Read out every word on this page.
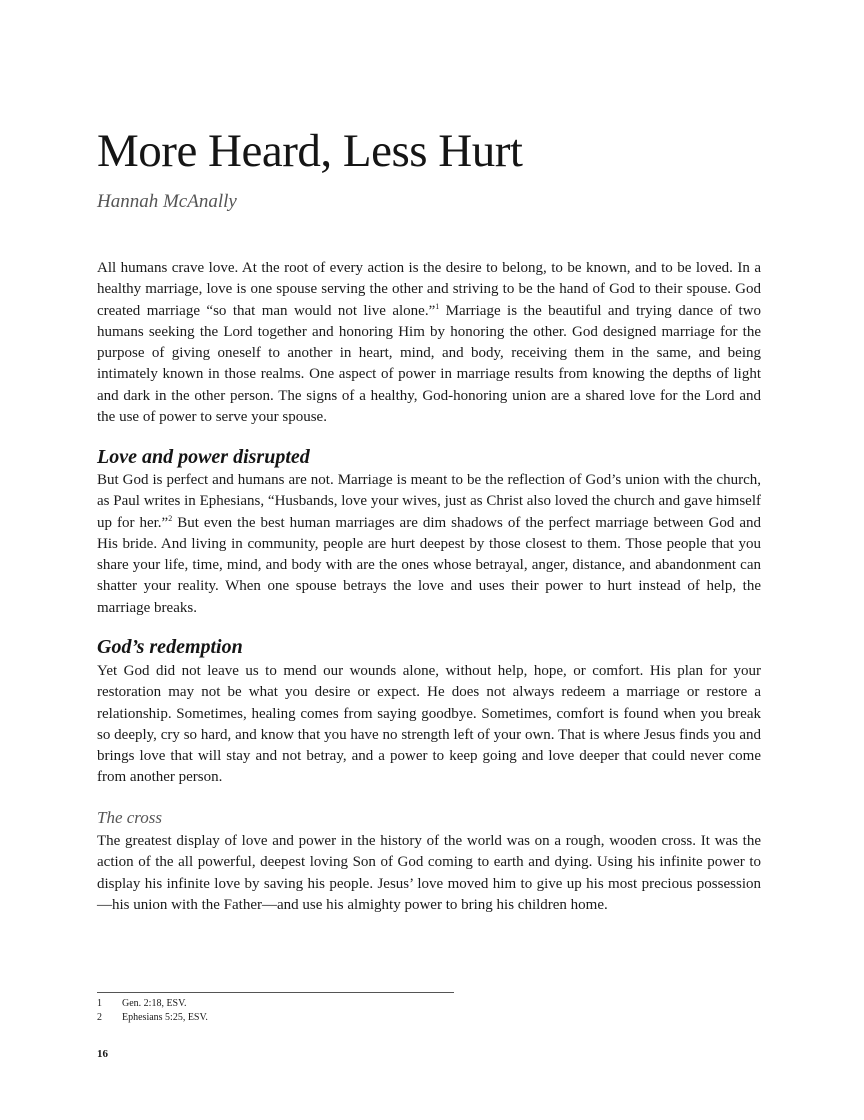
More Heard, Less Hurt

Hannah McAnally

All humans crave love. At the root of every action is the desire to belong, to be known, and to be loved. In a healthy marriage, love is one spouse serving the other and striving to be the hand of God to their spouse. God created marriage “so that man would not live alone.”$^1$ Marriage is the beautiful and trying dance of two humans seeking the Lord together and honoring Him by honoring the other. God designed marriage for the purpose of giving oneself to another in heart, mind, and body, receiving them in the same, and being intimately known in those realms. One aspect of power in marriage results from knowing the depths of light and dark in the other person. The signs of a healthy, God-honoring union are a shared love for the Lord and the use of power to serve your spouse.

Love and power disrupted

But God is perfect and humans are not. Marriage is meant to be the reflection of God’s union with the church, as Paul writes in Ephesians, “Husbands, love your wives, just as Christ also loved the church and gave himself up for her.”$^2$ But even the best human marriages are dim shadows of the perfect marriage between God and His bride. And living in community, people are hurt deepest by those closest to them. Those people that you share your life, time, mind, and body with are the ones whose betrayal, anger, distance, and abandonment can shatter your reality. When one spouse betrays the love and uses their power to hurt instead of help, the marriage breaks.

God’s redemption

Yet God did not leave us to mend our wounds alone, without help, hope, or comfort. His plan for your restoration may not be what you desire or expect. He does not always redeem a marriage or restore a relationship. Sometimes, healing comes from saying goodbye. Sometimes, comfort is found when you break so deeply, cry so hard, and know that you have no strength left of your own. That is where Jesus finds you and brings love that will stay and not betray, and a power to keep going and love deeper that could never come from another person.

The cross

The greatest display of love and power in the history of the world was on a rough, wooden cross. It was the action of the all powerful, deepest loving Son of God coming to earth and dying. Using his infinite power to display his infinite love by saving his people. Jesus’ love moved him to give up his most precious possession—his union with the Father—and use his almighty power to bring his children home.

1	Gen. 2:18, ESV.
2	Ephesians 5:25, ESV.

16
